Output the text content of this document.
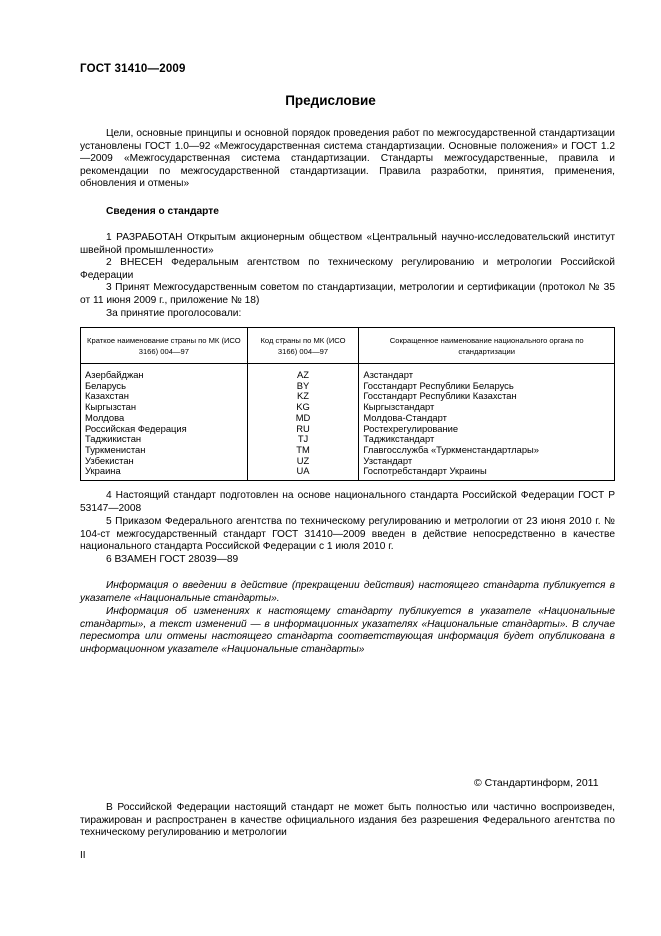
ГОСТ 31410—2009
Предисловие
Цели, основные принципы и основной порядок проведения работ по межгосударственной стандартизации установлены ГОСТ 1.0—92 «Межгосударственная система стандартизации. Основные положения» и ГОСТ 1.2—2009 «Межгосударственная система стандартизации. Стандарты межгосударственные, правила и рекомендации по межгосударственной стандартизации. Правила разработки, принятия, применения, обновления и отмены»
Сведения о стандарте
1 РАЗРАБОТАН Открытым акционерным обществом «Центральный научно-исследовательский институт швейной промышленности»
2 ВНЕСЕН Федеральным агентством по техническому регулированию и метрологии Российской Федерации
3 Принят Межгосударственным советом по стандартизации, метрологии и сертификации (протокол № 35 от 11 июня 2009 г., приложение № 18)
За принятие проголосовали:
Краткое наименование страны по МК (ИСО 3166) 004—97	Код страны по МК (ИСО 3166) 004—97	Сокращенное наименование национального органа по стандартизации
Азербайджан	AZ	Азстандарт
Беларусь	BY	Госстандарт Республики Беларусь
Казахстан	KZ	Госстандарт Республики Казахстан
Кыргызстан	KG	Кыргызстандарт
Молдова	MD	Молдова-Стандарт
Российская Федерация	RU	Ростехрегулирование
Таджикистан	TJ	Таджикстандарт
Туркменистан	TM	Главгосслужба «Туркменстандартлары»
Узбекистан	UZ	Узстандарт
Украина	UA	Госпотребстандарт Украины
4 Настоящий стандарт подготовлен на основе национального стандарта Российской Федерации ГОСТ Р 53147—2008
5 Приказом Федерального агентства по техническому регулированию и метрологии от 23 июня 2010 г. № 104-ст межгосударственный стандарт ГОСТ 31410—2009 введен в действие непосредственно в качестве национального стандарта Российской Федерации с 1 июля 2010 г.
6 ВЗАМЕН ГОСТ 28039—89
Информация о введении в действие (прекращении действия) настоящего стандарта публикуется в указателе «Национальные стандарты».
Информация об изменениях к настоящему стандарту публикуется в указателе «Национальные стандарты», а текст изменений — в информационных указателях «Национальные стандарты». В случае пересмотра или отмены настоящего стандарта соответствующая информация будет опубликована в информационном указателе «Национальные стандарты»
© Стандартинформ, 2011
В Российской Федерации настоящий стандарт не может быть полностью или частично воспроизведен, тиражирован и распространен в качестве официального издания без разрешения Федерального агентства по техническому регулированию и метрологии
II
